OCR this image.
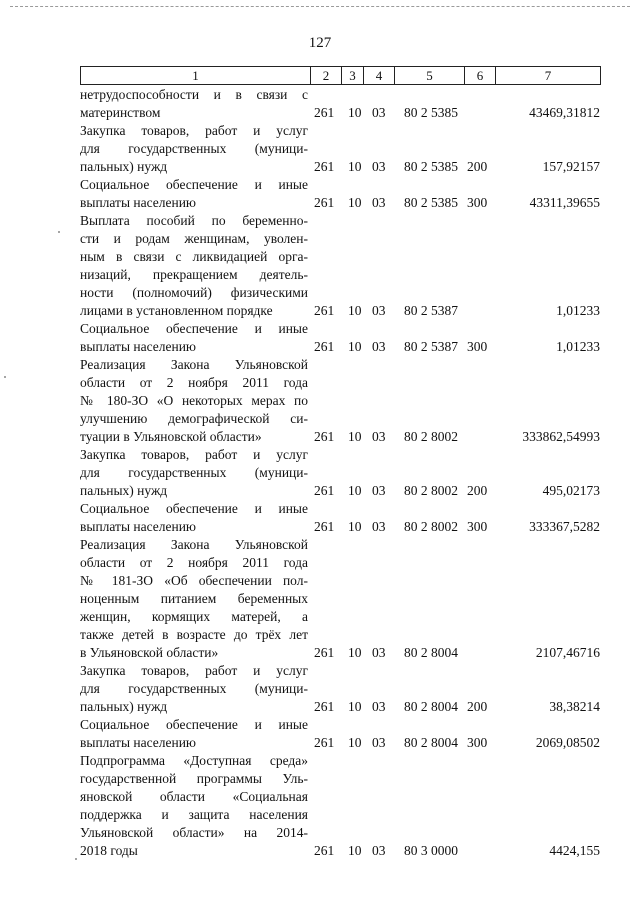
127
1	2	3	4	5	6	7
нетрудоспособности и в связи с
материнством	261 10 03 80 2 5385	43469,31812
Закупка товаров, работ и услуг
для государственных (муници-
пальных) нужд	261 10 03 80 2 5385 200	157,92157
Социальное обеспечение и иные
выплаты населению	261 10 03 80 2 5385 300	43311,39655
Выплата пособий по беременно-
сти и родам женщинам, уволен-
ным в связи с ликвидацией орга-
низаций, прекращением деятель-
ности (полномочий) физическими
лицами в установленном порядке	261 10 03 80 2 5387	1,01233
Социальное обеспечение и иные
выплаты населению	261 10 03 80 2 5387 300	1,01233
Реализация Закона Ульяновской
области от 2 ноября 2011 года
№ 180-ЗО «О некоторых мерах по
улучшению демографической си-
туации в Ульяновской области»	261 10 03 80 2 8002	333862,54993
Закупка товаров, работ и услуг
для государственных (муници-
пальных) нужд	261 10 03 80 2 8002 200	495,02173
Социальное обеспечение и иные
выплаты населению	261 10 03 80 2 8002 300	333367,5282
Реализация Закона Ульяновской
области от 2 ноября 2011 года
№ 181-ЗО «Об обеспечении пол-
ноценным питанием беременных
женщин, кормящих матерей, а
также детей в возрасте до трёх лет
в Ульяновской области»	261 10 03 80 2 8004	2107,46716
Закупка товаров, работ и услуг
для государственных (муници-
пальных) нужд	261 10 03 80 2 8004 200	38,38214
Социальное обеспечение и иные
выплаты населению	261 10 03 80 2 8004 300	2069,08502
Подпрограмма «Доступная среда»
государственной программы Уль-
яновской области «Социальная
поддержка и защита населения
Ульяновской области» на 2014-
2018 годы	261 10 03 80 3 0000	4424,155
